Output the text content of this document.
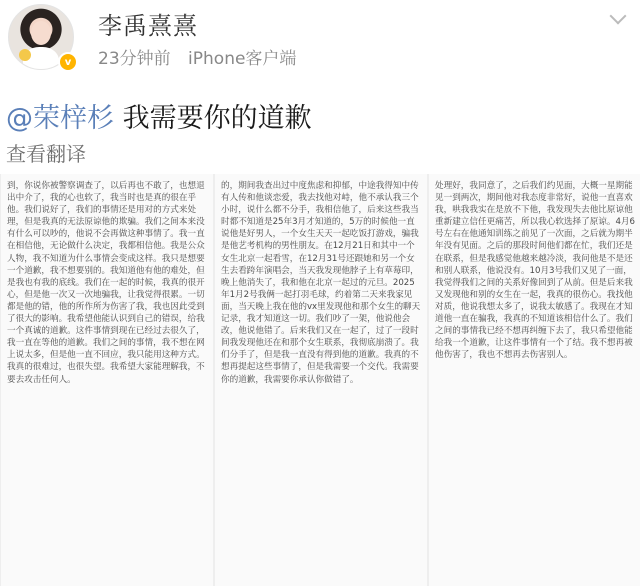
v
李禹熹熹
23分钟前 iPhone客户端
@荣梓杉 我需要你的道歉
查看翻译
到，你说你被警察调查了，以后再也不敢了，也想退出中介了，我的心也软了，我当时也是真的很在乎他。我们说好了，我们的事情还是用对的方式来处理，但是我真的无法原谅他的欺骗。我们之间本来没有什么可以吵的，他说不会再做这种事情了。我一直在相信他，无论做什么决定，我都相信他。我是公众人物，我不知道为什么事情会变成这样。我只是想要一个道歉，我不想要别的。我知道他有他的难处，但是我也有我的底线。我们在一起的时候，我真的很开心，但是他一次又一次地骗我，让我觉得很累。一切都是他的错，他的所作所为伤害了我，我也因此受到了很大的影响。我希望他能认识到自己的错误，给我一个真诚的道歉。这件事情到现在已经过去很久了，我一直在等他的道歉。我们之间的事情，我不想在网上说太多，但是他一直不回应，我只能用这种方式。我真的很难过，也很失望。我希望大家能理解我，不要去攻击任何人。
的，期间我查出过中度焦虑和抑郁，中途我得知中传有人传和他谈恋爱，我去找他对峙，他不承认我三个小时，说什么都不分手，我相信他了，后来这些我当时都不知道是25年3月才知道的，5万的时候他一直说他是好男人，一个女生天天一起吃饭打游戏，骗我是他艺考机构的男性朋友。在12月21日和其中一个女生北京一起看雪，在12月31号还跟她和另一个女生去看跨年演唱会，当天我发现他脖子上有草莓印，晚上他消失了，我和他在北京一起过的元旦。2025年1月2号我俩一起打羽毛球，约着第二天来我家见面，当天晚上我在他的vx里发现他和那个女生的聊天记录，我才知道这一切。我们吵了一架，他说他会改，他说他错了。后来我们又在一起了，过了一段时间我发现他还在和那个女生联系，我彻底崩溃了。我们分手了，但是我一直没有得到他的道歉。我真的不想再提起这些事情了，但是我需要一个交代。我需要你的道歉，我需要你承认你做错了。
处理好，我同意了，之后我们约见面，大概一星期能见一到两次，期间他对我态度非常好，说他一直喜欢我，哄我我实在是放不下他，我发现失去他比原谅他重新建立信任更痛苦，所以我心软选择了原谅。4月6号左右在他通知训练之前见了一次面，之后就为期半年没有见面。之后的那段时间他们都在忙，我们还是在联系，但是我感觉他越来越冷淡，我问他是不是还和别人联系，他说没有。10月3号我们又见了一面，我觉得我们之间的关系好像回到了从前。但是后来我又发现他和别的女生在一起，我真的很伤心。我找他对质，他说我想太多了，说我太敏感了。我现在才知道他一直在骗我，我真的不知道该相信什么了。我们之间的事情我已经不想再纠缠下去了，我只希望他能给我一个道歉，让这件事情有一个了结。我不想再被他伤害了，我也不想再去伤害别人。
